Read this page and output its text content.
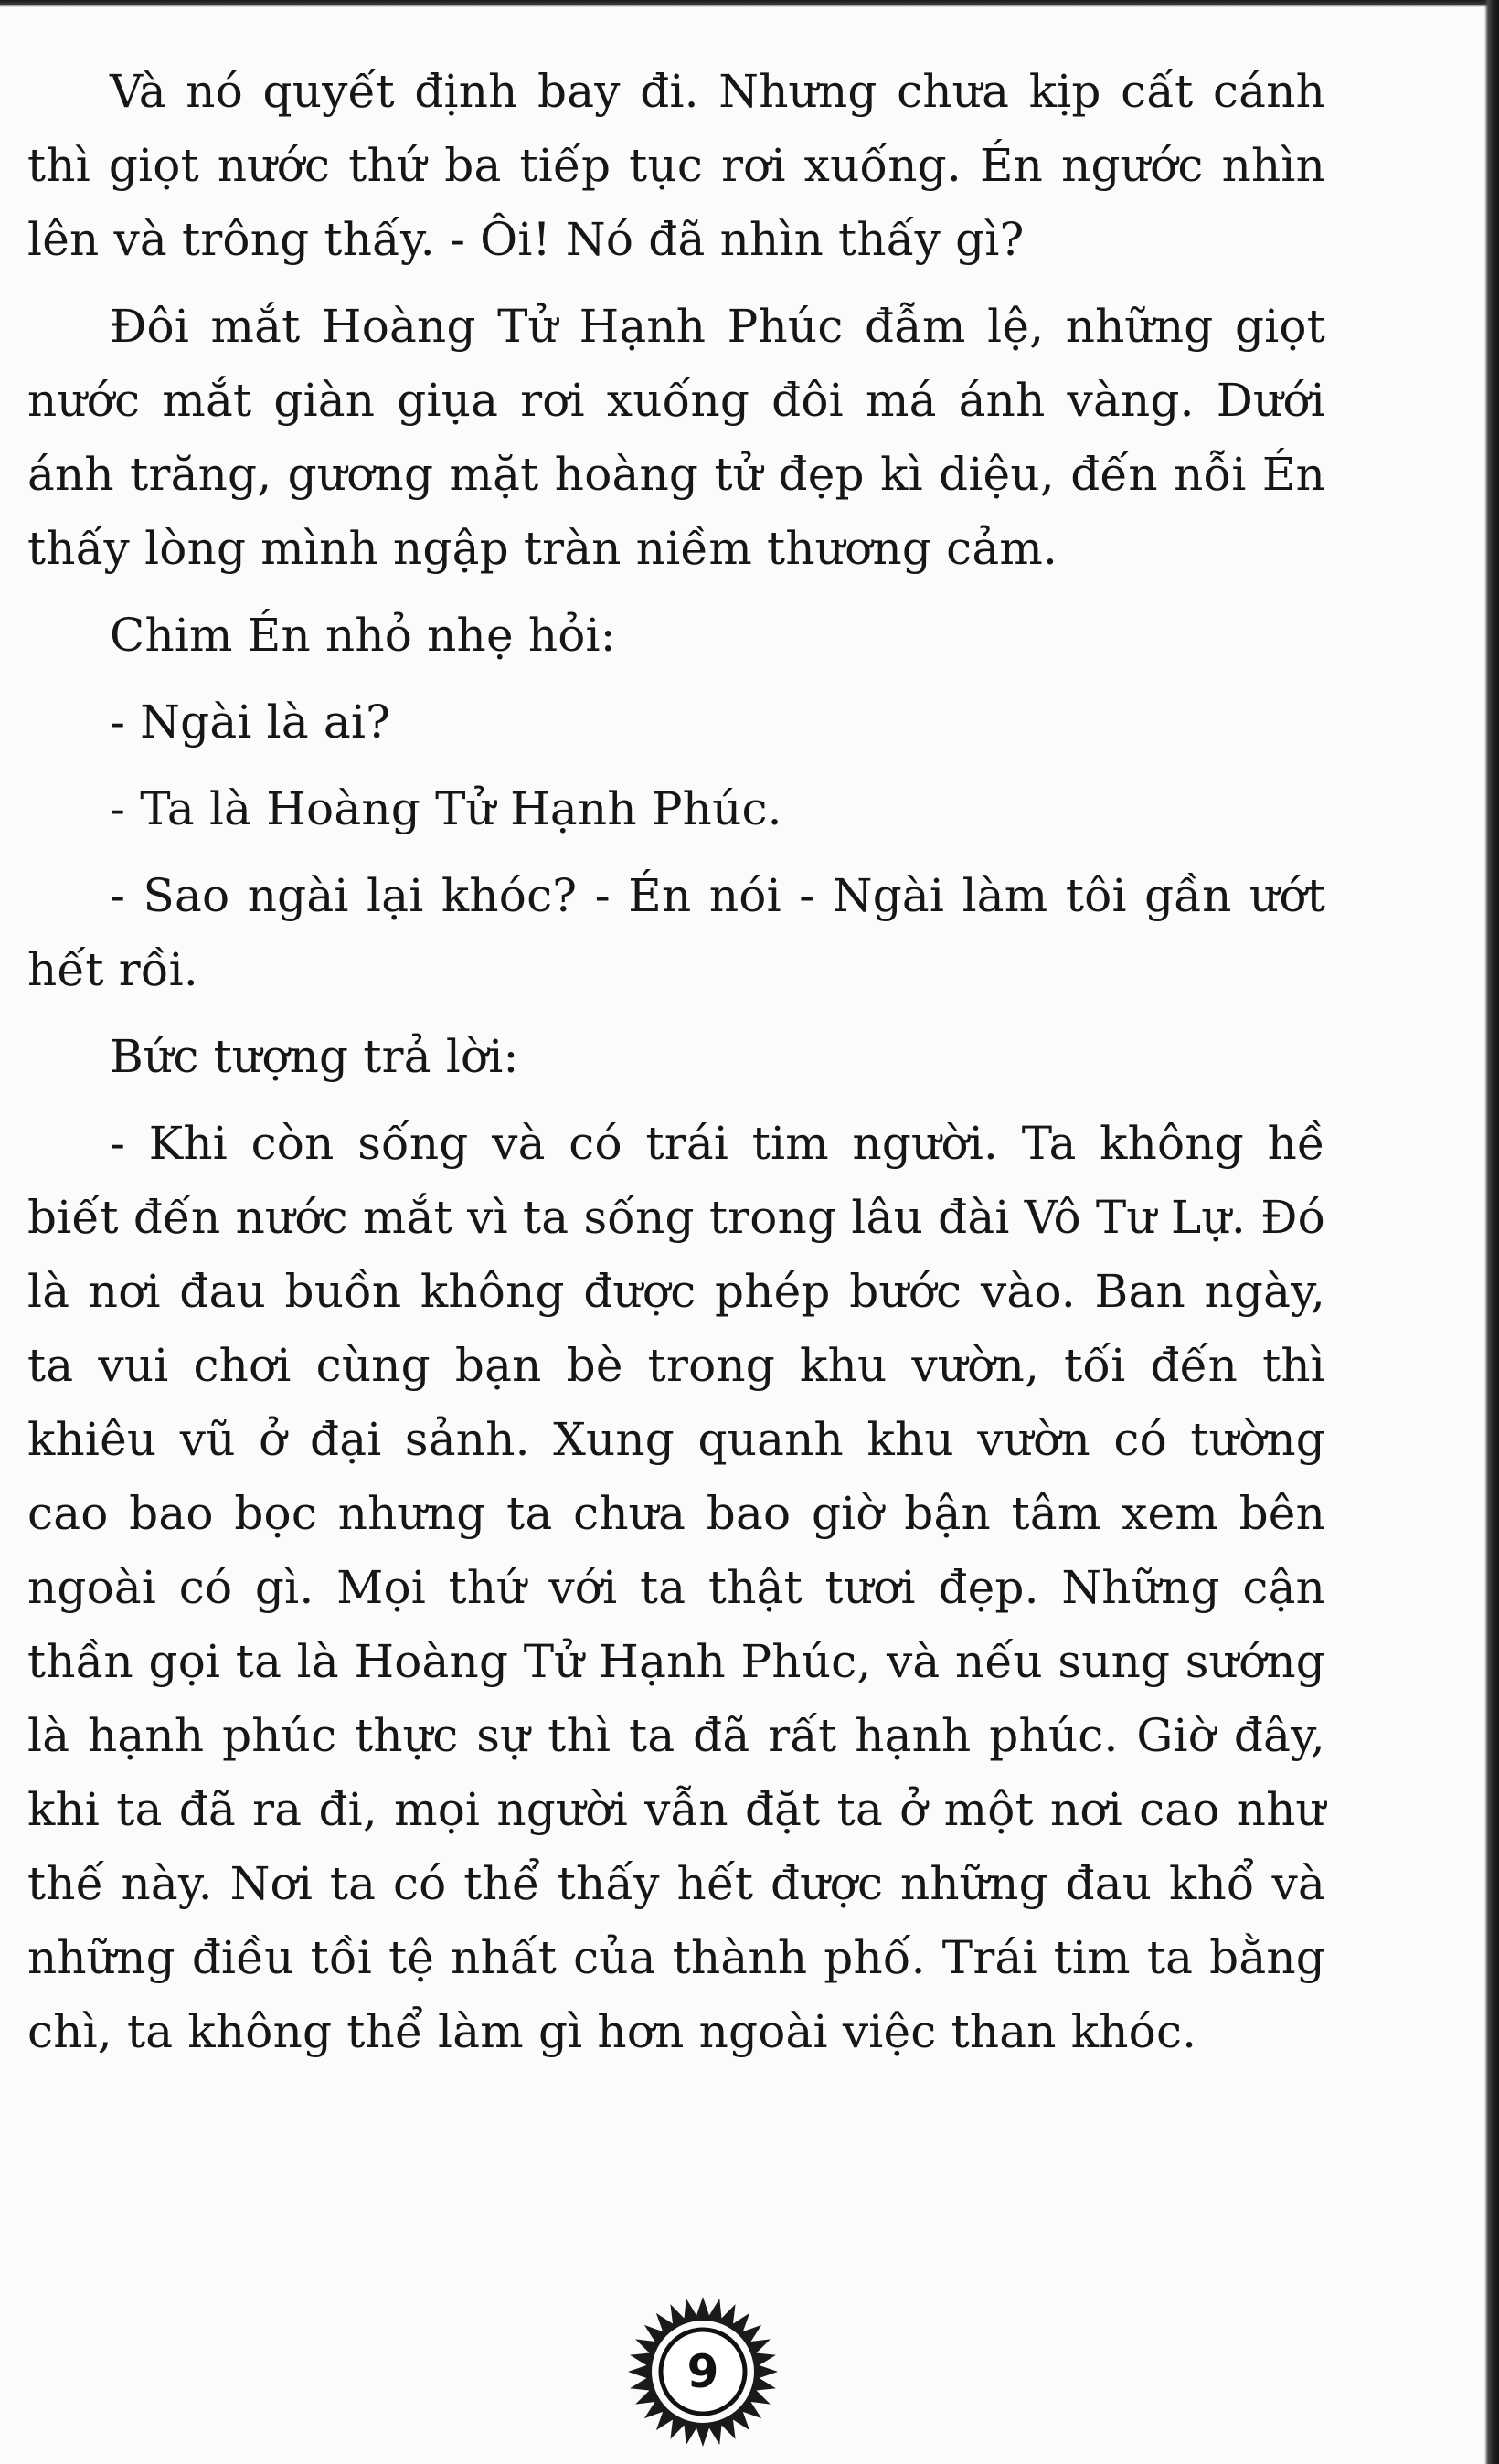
Và nó quyết định bay đi. Nhưng chưa kịp cất cánh thì giọt nước thứ ba tiếp tục rơi xuống. Én ngước nhìn lên và trông thấy. - Ôi! Nó đã nhìn thấy gì?

Đôi mắt Hoàng Tử Hạnh Phúc đẫm lệ, những giọt nước mắt giàn giụa rơi xuống đôi má ánh vàng. Dưới ánh trăng, gương mặt hoàng tử đẹp kì diệu, đến nỗi Én thấy lòng mình ngập tràn niềm thương cảm.

Chim Én nhỏ nhẹ hỏi:

- Ngài là ai?

- Ta là Hoàng Tử Hạnh Phúc.

- Sao ngài lại khóc? - Én nói - Ngài làm tôi gần ướt hết rồi.

Bức tượng trả lời:

- Khi còn sống và có trái tim người. Ta không hề biết đến nước mắt vì ta sống trong lâu đài Vô Tư Lự. Đó là nơi đau buồn không được phép bước vào. Ban ngày, ta vui chơi cùng bạn bè trong khu vườn, tối đến thì khiêu vũ ở đại sảnh. Xung quanh khu vườn có tường cao bao bọc nhưng ta chưa bao giờ bận tâm xem bên ngoài có gì. Mọi thứ với ta thật tươi đẹp. Những cận thần gọi ta là Hoàng Tử Hạnh Phúc, và nếu sung sướng là hạnh phúc thực sự thì ta đã rất hạnh phúc. Giờ đây, khi ta đã ra đi, mọi người vẫn đặt ta ở một nơi cao như thế này. Nơi ta có thể thấy hết được những đau khổ và những điều tồi tệ nhất của thành phố. Trái tim ta bằng chì, ta không thể làm gì hơn ngoài việc than khóc.

9
